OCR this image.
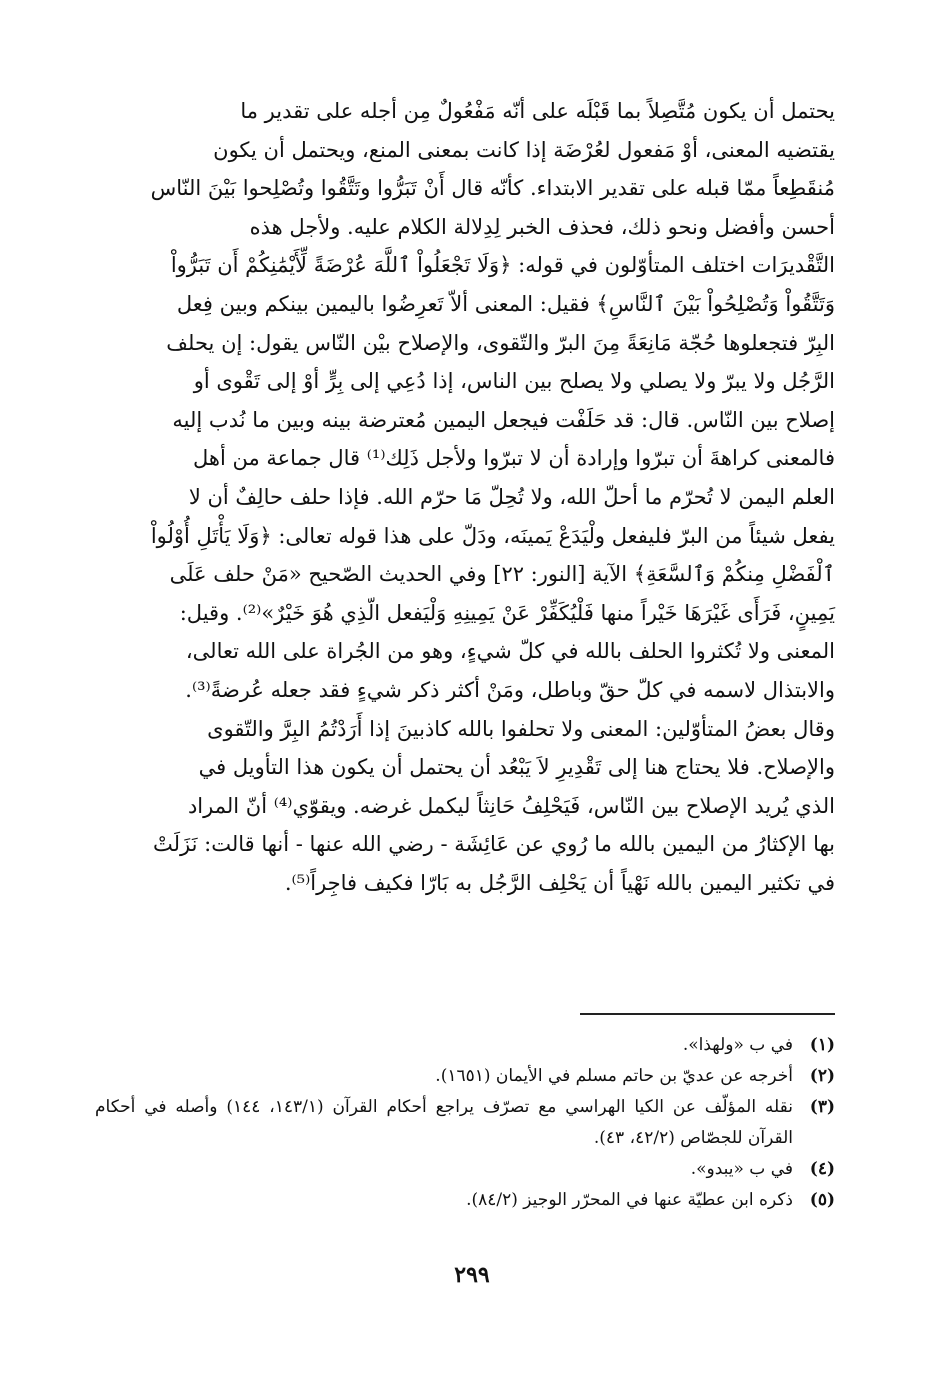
يحتمل أن يكون مُتَّصِلاً بما قَبْلَه على أنّه مَفْعُولٌ مِن أجله على تقدير ما

يقتضيه المعنى، أوْ مَفعول لعُرْضَة إذا كانت بمعنى المنع، ويحتمل أن يكون

مُنقَطِعاً ممّا قبله على تقدير الابتداء. كأنّه قال أَنْ تَبَرُّوا وتَتَّقُوا وتُصْلِحوا بَيْنَ النّاس

أحسن وأفضل ونحو ذلك، فحذف الخبر لِدِلالة الكلام عليه. ولأجل هذه

التَّقْديرَات اختلف المتأوّلون في قوله: ﴿وَلَا تَجْعَلُواْ ٱللَّهَ عُرْضَةً لِّأَيْمَٰنِكُمْ أَن تَبَرُّواْ

وَتَتَّقُواْ وَتُصْلِحُواْ بَيْنَ ٱلنَّاسِ﴾ فقيل: المعنى ألاّ تَعرِضُوا باليمين بينكم وبين فِعل

البِرّ فتجعلوها حُجّة مَانِعَةً مِنَ البرّ والتّقوى، والإصلاح بيْن النّاس يقول: إن يحلف

الرَّجُل ولا يبرّ ولا يصلي ولا يصلح بين الناس، إذا دُعِي إلى بِرٍّ أوْ إلى تَقْوى أو

إصلاح بين النّاس. قال: قد حَلَفْت فيجعل اليمين مُعترضة بينه وبين ما نُدب إليه

فالمعنى كراهةَ أن تبرّوا وإرادة أن لا تبرّوا ولأجل ذَلِك⁽¹⁾ قال جماعة من أهل

العلم اليمن لا تُحرّم ما أحلّ الله، ولا تُحِلّ مَا حرّم الله. فإذا حلف حالِفٌ أن لا

يفعل شيئاً من البرّ فليفعل ولْيَدَعْ يَمينَه، ودَلّ على هذا قوله تعالى: ﴿وَلَا يَأْتَلِ أُوْلُواْ

ٱلْفَضْلِ مِنكُمْ وَٱلسَّعَةِ﴾ الآية [النور: ٢٢] وفي الحديث الصّحيح «مَنْ حلف عَلَى

يَمِينٍ، فَرَأَى غَيْرَهَا خَيْراً منها فَلْيُكَفِّرْ عَنْ يَمِينِهِ وَلْيَفعل الّذِي هُوَ خَيْرٌ»⁽²⁾. وقيل:

المعنى ولا تُكثروا الحلف بالله في كلّ شيءٍ، وهو من الجُراة على الله تعالى،

والابتذال لاسمه في كلّ حقّ وباطل، ومَنْ أكثر ذكر شيءٍ فقد جعله عُرضةً⁽³⁾.

وقال بعضُ المتأوّلين: المعنى ولا تحلفوا بالله كاذبينَ إذا أَرَدْتُمُ البِرَّ والتّقوى

والإصلاح. فلا يحتاج هنا إلى تَقْدِيرِ لاَ يَبْعُد أن يحتمل أن يكون هذا التأويل في

الذي يُريد الإصلاح بين النّاس، فَيَحْلِفُ حَانِثاً ليكمل غرضه. ويقوّي⁽⁴⁾ أنّ المراد

بها الإكثارُ من اليمين بالله ما رُوي عن عَائِشَة - رضي الله عنها - أنها قالت: نَزَلَتْ

في تكثير اليمين بالله نَهْياً أن يَحْلِف الرَّجُل به بَارّا فكيف فاجِراً⁽⁵⁾.

(١)
في ب «ولهذا».
(٢)
أخرجه عن عديّ بن حاتم مسلم في الأيمان (١٦٥١).
(٣)
نقله المؤلّف عن الكيا الهراسي مع تصرّف يراجع أحكام القرآن (١٤٣/١، ١٤٤) وأصله في أحكام القرآن للجصّاص (٤٢/٢، ٤٣).
(٤)
في ب «يبدو».
(٥)
ذكره ابن عطيّة عنها في المحرّر الوجيز (٨٤/٢).
٢٩٩
